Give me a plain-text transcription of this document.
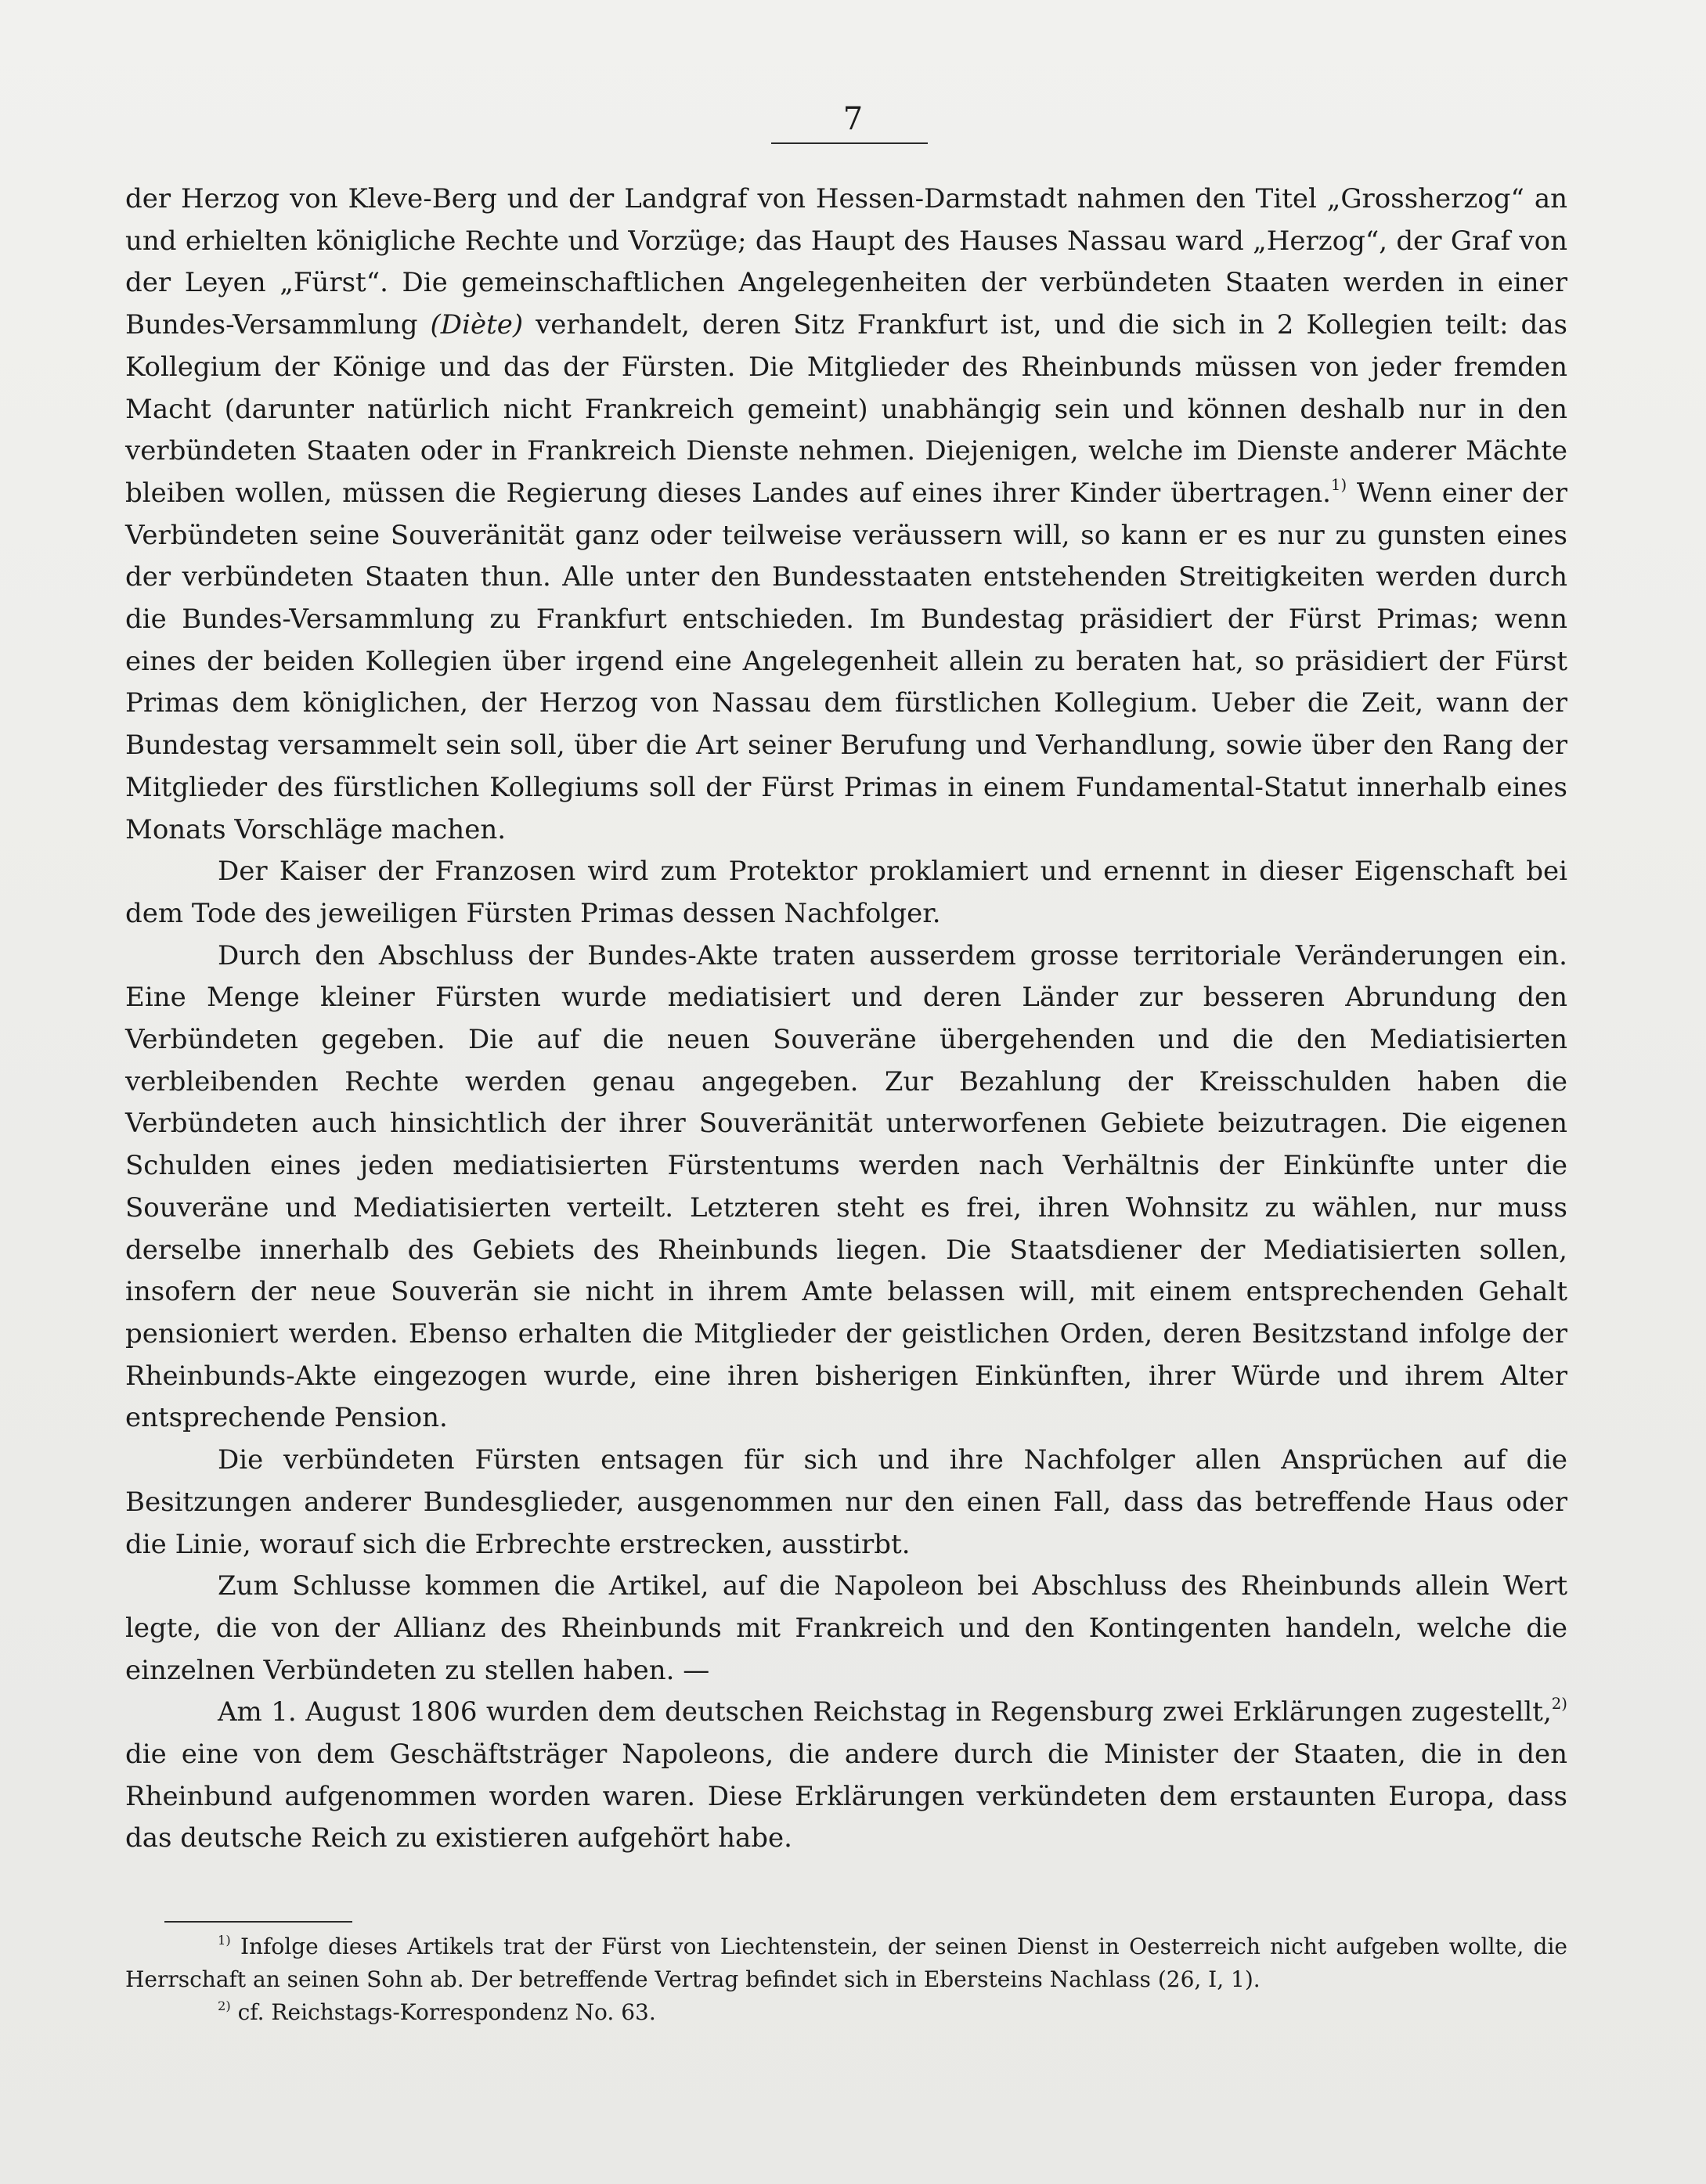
7

der Herzog von Kleve-Berg und der Landgraf von Hessen-Darmstadt nahmen den Titel „Grossherzog“ an und erhielten königliche Rechte und Vorzüge; das Haupt des Hauses Nassau ward „Herzog“, der Graf von der Leyen „Fürst“. Die gemeinschaftlichen Angelegenheiten der verbündeten Staaten werden in einer Bundes-Versammlung (Diète) verhandelt, deren Sitz Frankfurt ist, und die sich in 2 Kollegien teilt: das Kollegium der Könige und das der Fürsten. Die Mitglieder des Rheinbunds müssen von jeder fremden Macht (darunter natürlich nicht Frankreich gemeint) unabhängig sein und können deshalb nur in den verbündeten Staaten oder in Frankreich Dienste nehmen. Diejenigen, welche im Dienste anderer Mächte bleiben wollen, müssen die Regierung dieses Landes auf eines ihrer Kinder übertragen.$^{1)}$ Wenn einer der Verbündeten seine Souveränität ganz oder teilweise veräussern will, so kann er es nur zu gunsten eines der verbündeten Staaten thun. Alle unter den Bundesstaaten entstehenden Streitigkeiten werden durch die Bundes-Versammlung zu Frankfurt entschieden. Im Bundestag präsidiert der Fürst Primas; wenn eines der beiden Kollegien über irgend eine Angelegenheit allein zu beraten hat, so präsidiert der Fürst Primas dem königlichen, der Herzog von Nassau dem fürstlichen Kollegium. Ueber die Zeit, wann der Bundestag versammelt sein soll, über die Art seiner Berufung und Verhandlung, sowie über den Rang der Mitglieder des fürstlichen Kollegiums soll der Fürst Primas in einem Fundamental-Statut innerhalb eines Monats Vorschläge machen.

Der Kaiser der Franzosen wird zum Protektor proklamiert und ernennt in dieser Eigenschaft bei dem Tode des jeweiligen Fürsten Primas dessen Nachfolger.

Durch den Abschluss der Bundes-Akte traten ausserdem grosse territoriale Veränderungen ein. Eine Menge kleiner Fürsten wurde mediatisiert und deren Länder zur besseren Abrundung den Verbündeten gegeben. Die auf die neuen Souveräne übergehenden und die den Mediatisierten verbleibenden Rechte werden genau angegeben. Zur Bezahlung der Kreisschulden haben die Verbündeten auch hinsichtlich der ihrer Souveränität unterworfenen Gebiete beizutragen. Die eigenen Schulden eines jeden mediatisierten Fürstentums werden nach Verhältnis der Einkünfte unter die Souveräne und Mediatisierten verteilt. Letzteren steht es frei, ihren Wohnsitz zu wählen, nur muss derselbe innerhalb des Gebiets des Rheinbunds liegen. Die Staatsdiener der Mediatisierten sollen, insofern der neue Souverän sie nicht in ihrem Amte belassen will, mit einem entsprechenden Gehalt pensioniert werden. Ebenso erhalten die Mitglieder der geistlichen Orden, deren Besitzstand infolge der Rheinbunds-Akte eingezogen wurde, eine ihren bisherigen Einkünften, ihrer Würde und ihrem Alter entsprechende Pension.

Die verbündeten Fürsten entsagen für sich und ihre Nachfolger allen Ansprüchen auf die Besitzungen anderer Bundesglieder, ausgenommen nur den einen Fall, dass das betreffende Haus oder die Linie, worauf sich die Erbrechte erstrecken, ausstirbt.

Zum Schlusse kommen die Artikel, auf die Napoleon bei Abschluss des Rheinbunds allein Wert legte, die von der Allianz des Rheinbunds mit Frankreich und den Kontingenten handeln, welche die einzelnen Verbündeten zu stellen haben. —

Am 1. August 1806 wurden dem deutschen Reichstag in Regensburg zwei Erklärungen zugestellt,$^{2)}$ die eine von dem Geschäftsträger Napoleons, die andere durch die Minister der Staaten, die in den Rheinbund aufgenommen worden waren. Diese Erklärungen verkündeten dem erstaunten Europa, dass das deutsche Reich zu existieren aufgehört habe.

$^{1)}$ Infolge dieses Artikels trat der Fürst von Liechtenstein, der seinen Dienst in Oesterreich nicht aufgeben wollte, die Herrschaft an seinen Sohn ab. Der betreffende Vertrag befindet sich in Ebersteins Nachlass (26, I, 1).

$^{2)}$ cf. Reichstags-Korrespondenz No. 63.
